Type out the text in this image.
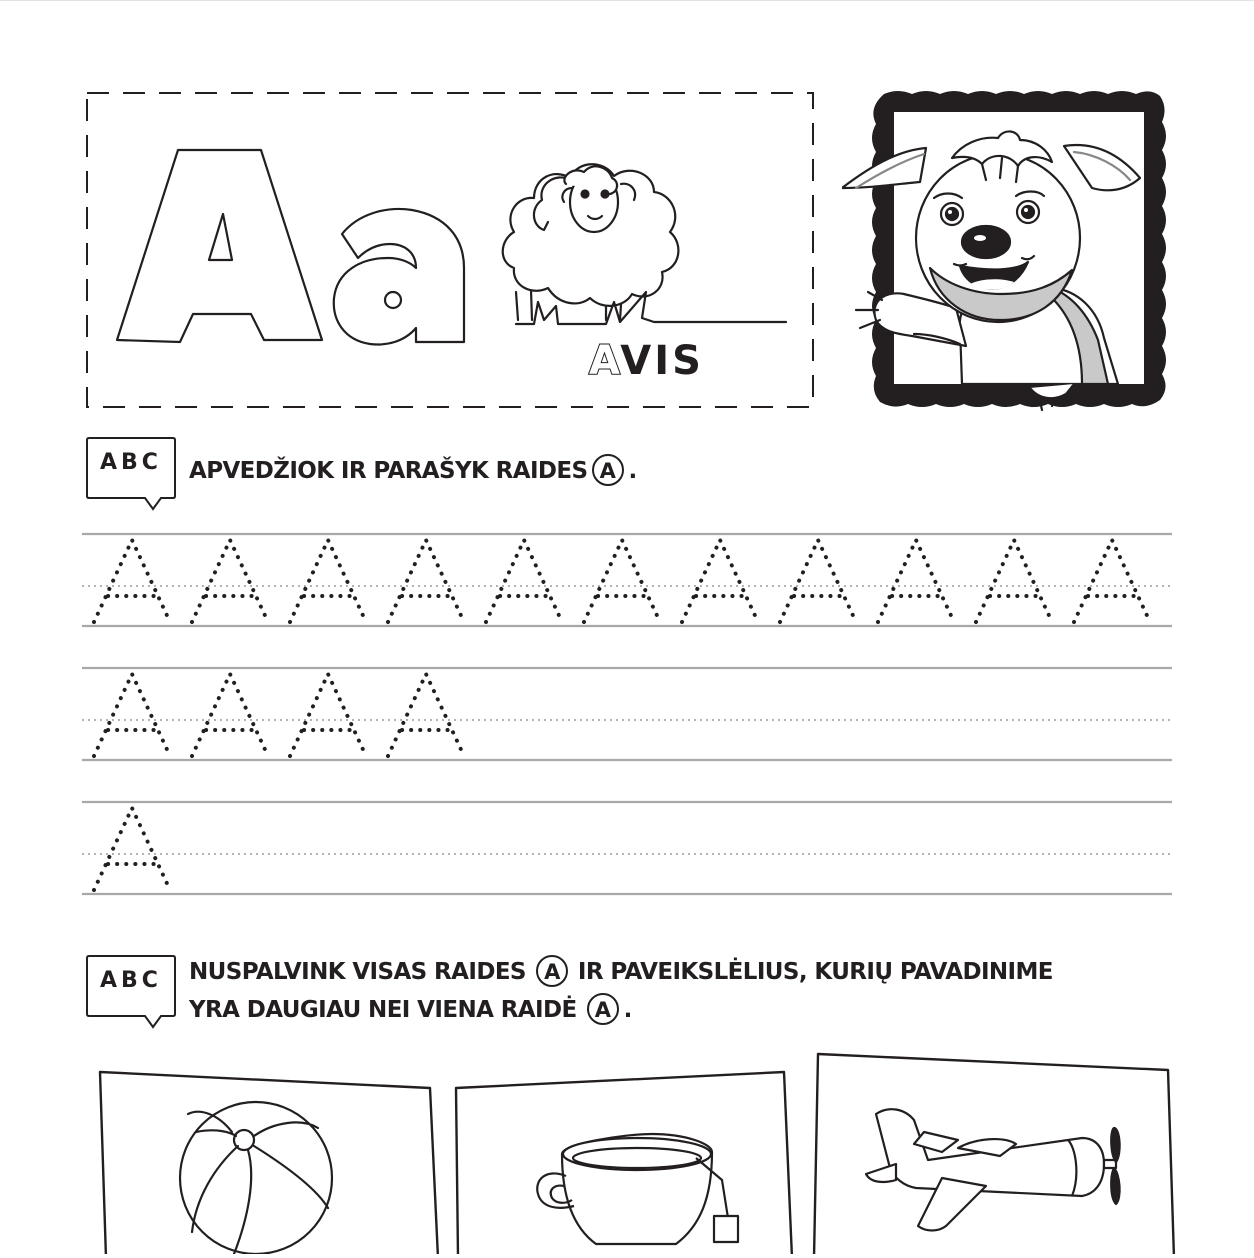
AVIS
ABC	APVEDŽIOK IR PARAŠYK RAIDES A .
ABC	NUSPALVINK VISAS RAIDES A IR PAVEIKSLĖLIUS, KURIŲ PAVADINIME
YRA DAUGIAU NEI VIENA RAIDĖ A .
